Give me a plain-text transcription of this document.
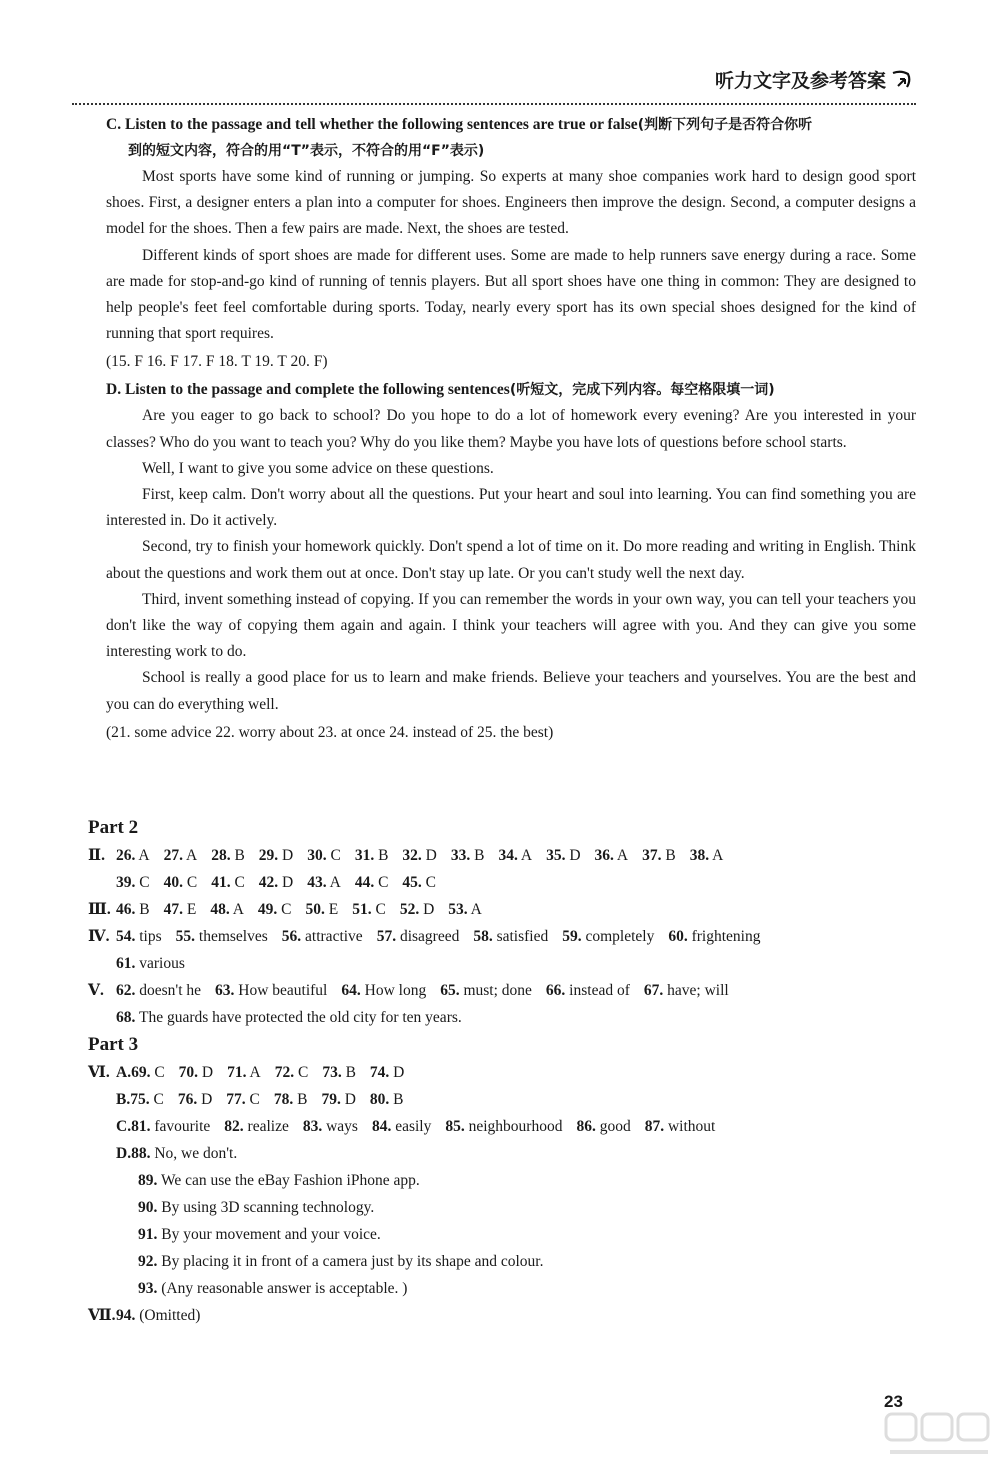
听力文字及参考答案

C. Listen to the passage and tell whether the following sentences are true or false(判断下列句子是否符合你听
到的短文内容，符合的用“T”表示，不符合的用“F”表示)

Most sports have some kind of running or jumping. So experts at many shoe companies work hard to design good sport shoes. First, a designer enters a plan into a computer for shoes. Engineers then improve the design. Second, a computer designs a model for the shoes. Then a few pairs are made. Next, the shoes are tested.

Different kinds of sport shoes are made for different uses. Some are made to help runners save energy during a race. Some are made for stop-and-go kind of running of tennis players. But all sport shoes have one thing in common: They are designed to help people's feet feel comfortable during sports. Today, nearly every sport has its own special shoes designed for the kind of running that sport requires.

(15. F 16. F 17. F 18. T 19. T 20. F)

D. Listen to the passage and complete the following sentences(听短文，完成下列内容。每空格限填一词)

Are you eager to go back to school? Do you hope to do a lot of homework every evening? Are you interested in your classes? Who do you want to teach you? Why do you like them? Maybe you have lots of questions before school starts.

Well, I want to give you some advice on these questions.

First, keep calm. Don't worry about all the questions. Put your heart and soul into learning. You can find something you are interested in. Do it actively.

Second, try to finish your homework quickly. Don't spend a lot of time on it. Do more reading and writing in English. Think about the questions and work them out at once. Don't stay up late. Or you can't study well the next day.

Third, invent something instead of copying. If you can remember the words in your own way, you can tell your teachers you don't like the way of copying them again and again. I think your teachers will agree with you. And they can give you some interesting work to do.

School is really a good place for us to learn and make friends. Believe your teachers and yourselves. You are the best and you can do everything well.

(21. some advice 22. worry about 23. at once 24. instead of 25. the best)

Part 2

Ⅱ. 26. A 27. A 28. B 29. D 30. C 31. B 32. D 33. B 34. A 35. D 36. A 37. B 38. A

39. C 40. C 41. C 42. D 43. A 44. C 45. C

Ⅲ. 46. B 47. E 48. A 49. C 50. E 51. C 52. D 53. A

Ⅳ. 54. tips 55. themselves 56. attractive 57. disagreed 58. satisfied 59. completely 60. frightening

61. various

Ⅴ. 62. doesn't he 63. How beautiful 64. How long 65. must; done 66. instead of 67. have; will

68. The guards have protected the old city for ten years.

Part 3

Ⅵ. A.69. C 70. D 71. A 72. C 73. B 74. D

B.75. C 76. D 77. C 78. B 79. D 80. B

C.81. favourite 82. realize 83. ways 84. easily 85. neighbourhood 86. good 87. without

D.88. No, we don't.

89. We can use the eBay Fashion iPhone app.

90. By using 3D scanning technology.

91. By your movement and your voice.

92. By placing it in front of a camera just by its shape and colour.

93. (Any reasonable answer is acceptable. )

Ⅶ.94. (Omitted)

23
